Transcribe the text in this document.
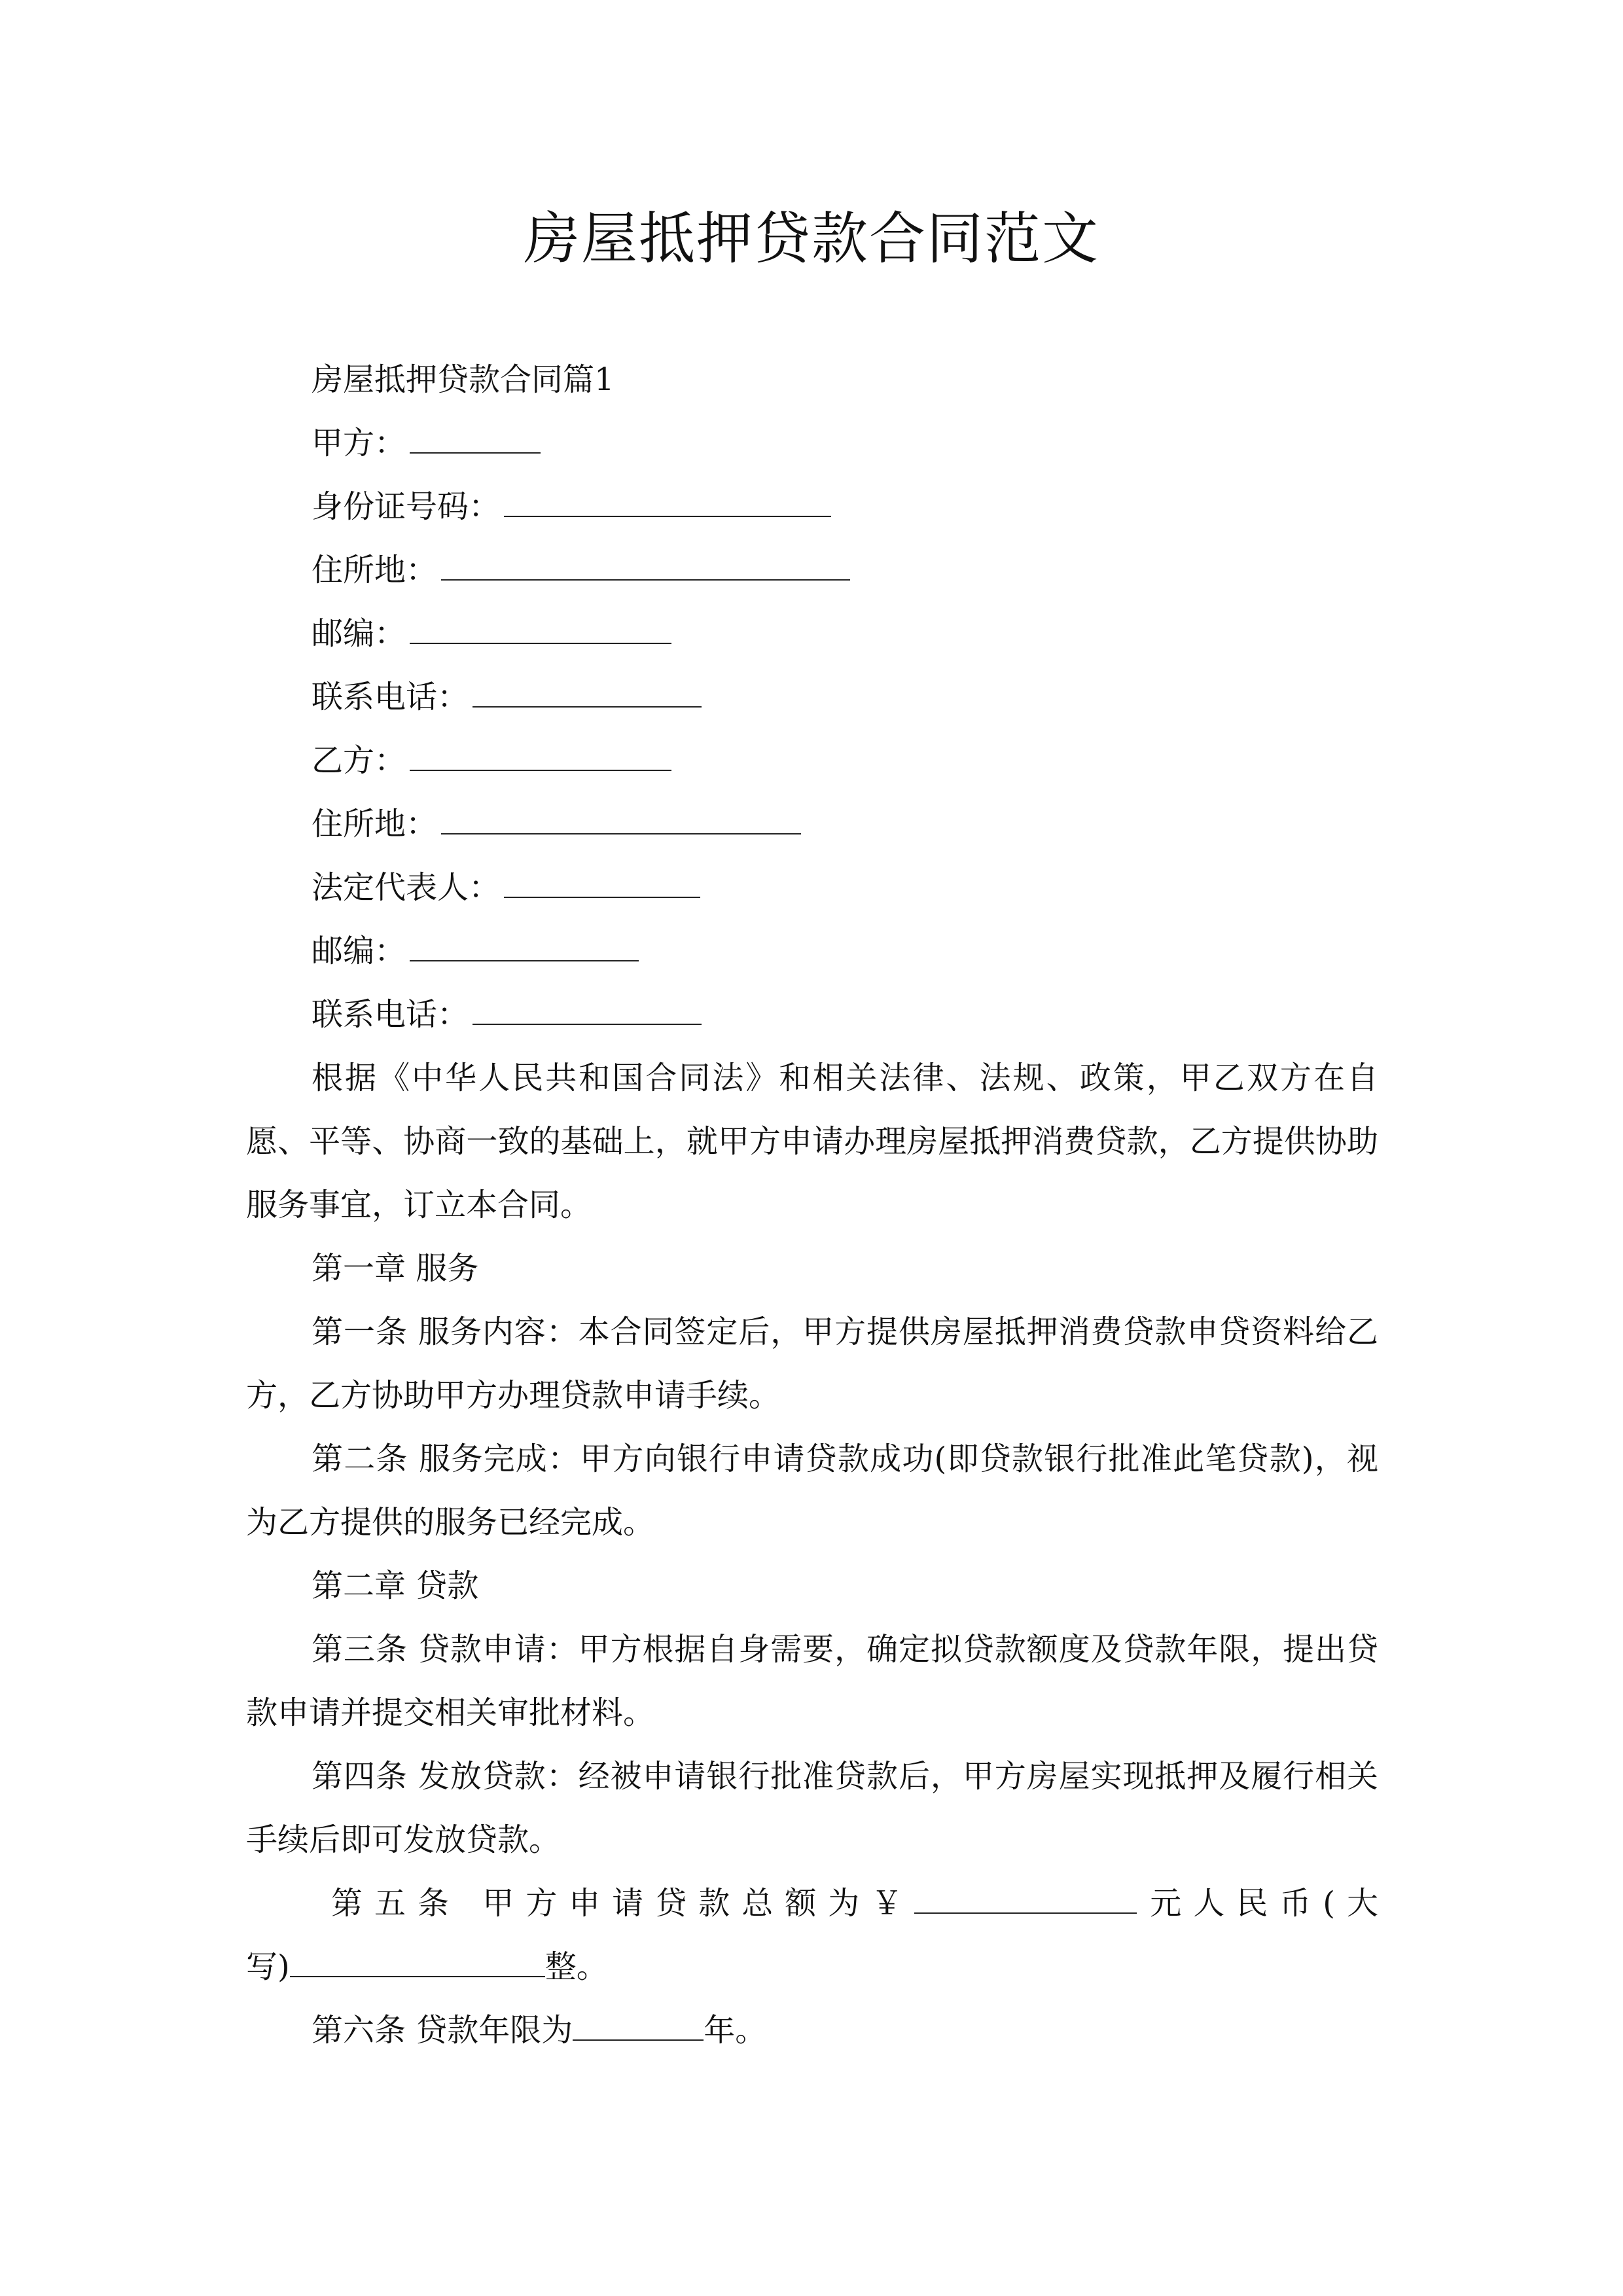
房屋抵押贷款合同范文
房屋抵押贷款合同篇1
甲方：
身份证号码：
住所地：
邮编：
联系电话：
乙方：
住所地：
法定代表人：
邮编：
联系电话：
根据《中华人民共和国合同法》和相关法律、法规、政策，甲乙双方在自愿、平等、协商一致的基础上，就甲方申请办理房屋抵押消费贷款，乙方提供协助服务事宜，订立本合同。
第一章 服务
第一条 服务内容：本合同签定后，甲方提供房屋抵押消费贷款申贷资料给乙方，乙方协助甲方办理贷款申请手续。
第二条 服务完成：甲方向银行申请贷款成功(即贷款银行批准此笔贷款)，视为乙方提供的服务已经完成。
第二章 贷款
第三条 贷款申请：甲方根据自身需要，确定拟贷款额度及贷款年限，提出贷款申请并提交相关审批材料。
第四条 发放贷款：经被申请银行批准贷款后，甲方房屋实现抵押及履行相关手续后即可发放贷款。
第五条 甲方申请贷款总额为￥	元人民币(大
写)	整。
第六条 贷款年限为	年。
